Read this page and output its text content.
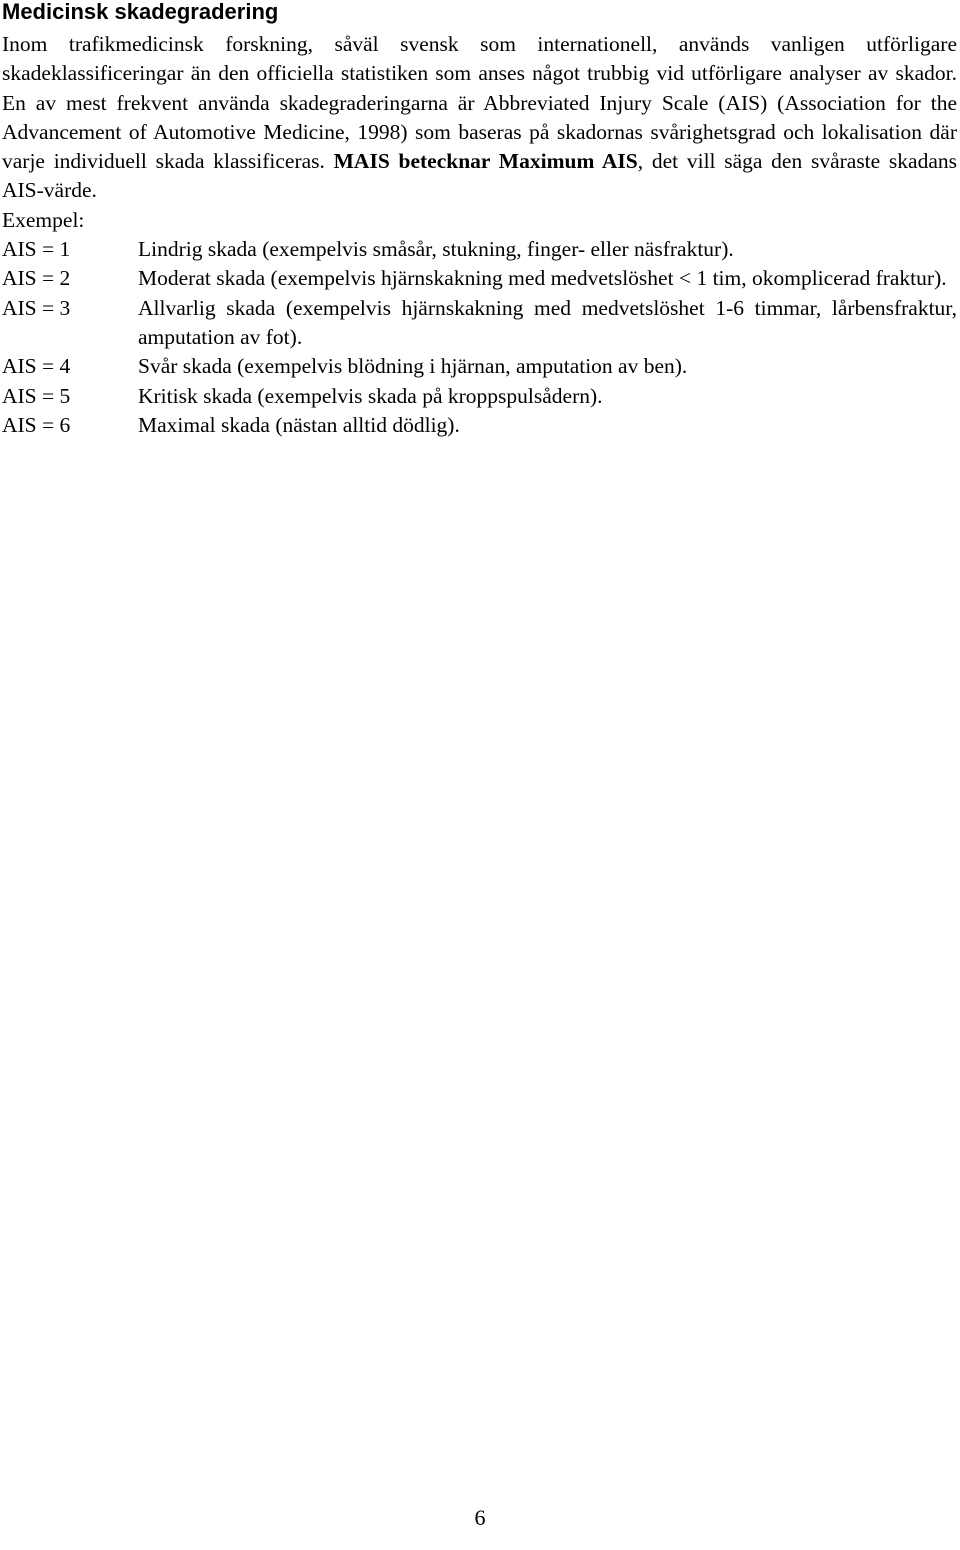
Medicinsk skadegradering

Inom trafikmedicinsk forskning, såväl svensk som internationell, används vanligen utförligare skadeklassificeringar än den officiella statistiken som anses något trubbig vid utförligare analyser av skador. En av mest frekvent använda skadegraderingarna är Abbreviated Injury Scale (AIS) (Association for the Advancement of Automotive Medicine, 1998) som baseras på skadornas svårighetsgrad och lokalisation där varje individuell skada klassificeras. MAIS betecknar Maximum AIS, det vill säga den svåraste skadans AIS-värde.

Exempel:

AIS = 1	Lindrig skada (exempelvis småsår, stukning, finger- eller näsfraktur).
AIS = 2	Moderat skada (exempelvis hjärnskakning med medvetslöshet < 1 tim, okomplicerad fraktur).
AIS = 3	Allvarlig skada (exempelvis hjärnskakning med medvetslöshet 1-6 timmar, lårbensfraktur, amputation av fot).
AIS = 4	Svår skada (exempelvis blödning i hjärnan, amputation av ben).
AIS = 5	Kritisk skada (exempelvis skada på kroppspulsådern).
AIS = 6	Maximal skada (nästan alltid dödlig).
6
